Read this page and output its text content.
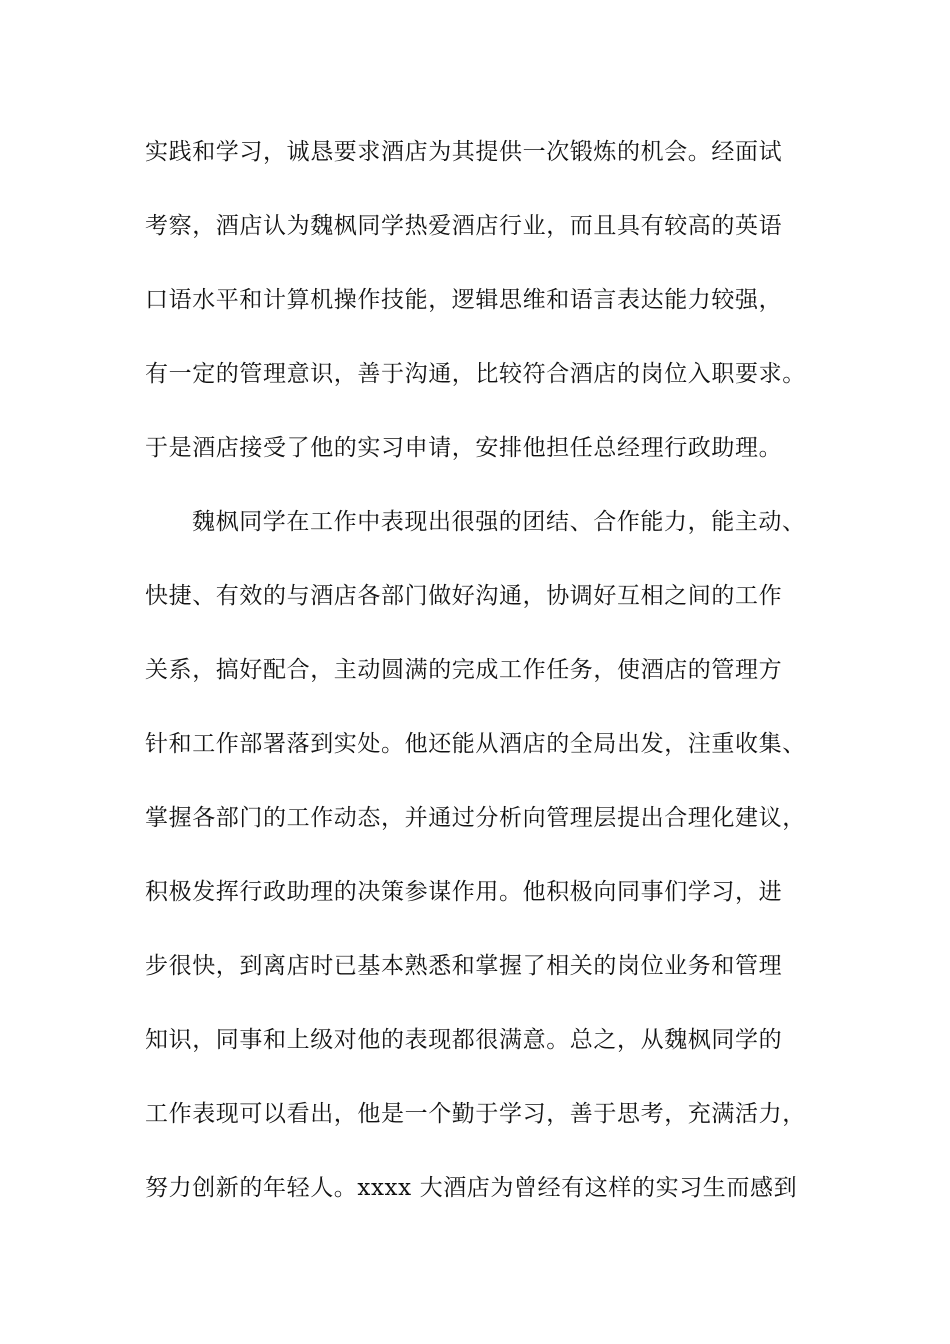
实践和学习，诚恳要求酒店为其提供一次锻炼的机会。经面试
考察，酒店认为魏枫同学热爱酒店行业，而且具有较高的英语
口语水平和计算机操作技能，逻辑思维和语言表达能力较强，
有一定的管理意识，善于沟通，比较符合酒店的岗位入职要求。
于是酒店接受了他的实习申请，安排他担任总经理行政助理。
魏枫同学在工作中表现出很强的团结、合作能力，能主动、
快捷、有效的与酒店各部门做好沟通，协调好互相之间的工作
关系，搞好配合，主动圆满的完成工作任务，使酒店的管理方
针和工作部署落到实处。他还能从酒店的全局出发，注重收集、
掌握各部门的工作动态，并通过分析向管理层提出合理化建议，
积极发挥行政助理的决策参谋作用。他积极向同事们学习，进
步很快，到离店时已基本熟悉和掌握了相关的岗位业务和管理
知识，同事和上级对他的表现都很满意。总之，从魏枫同学的
工作表现可以看出，他是一个勤于学习，善于思考，充满活力，
努力创新的年轻人。xxxx 大酒店为曾经有这样的实习生而感到
